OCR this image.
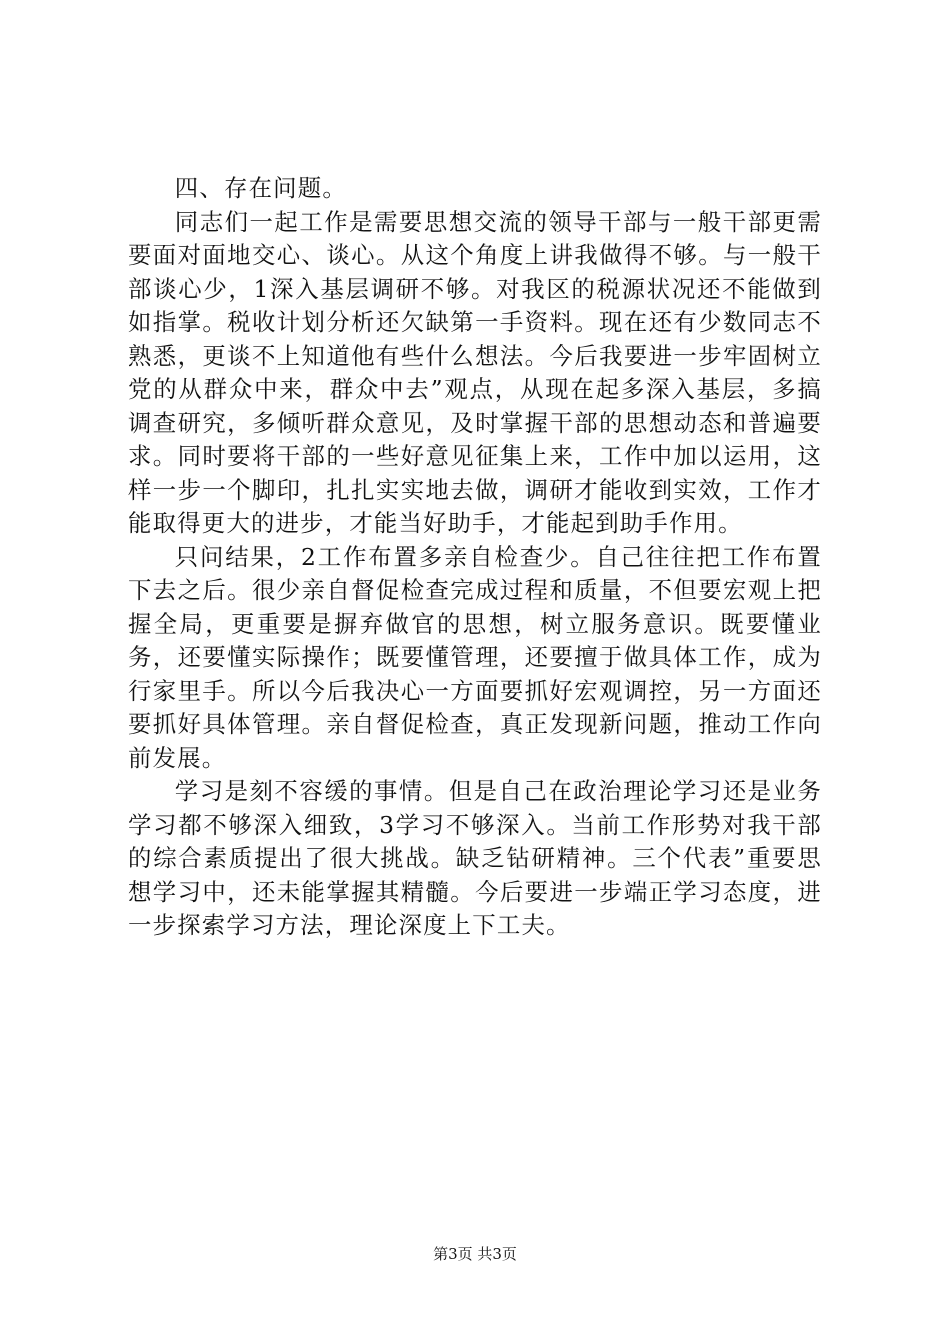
四、存在问题。

同志们一起工作是需要思想交流的领导干部与一般干部更需要面对面地交心、谈心。从这个角度上讲我做得不够。与一般干部谈心少，1深入基层调研不够。对我区的税源状况还不能做到如指掌。税收计划分析还欠缺第一手资料。现在还有少数同志不熟悉，更谈不上知道他有些什么想法。今后我要进一步牢固树立党的从群众中来，群众中去”观点，从现在起多深入基层，多搞调查研究，多倾听群众意见，及时掌握干部的思想动态和普遍要求。同时要将干部的一些好意见征集上来，工作中加以运用，这样一步一个脚印，扎扎实实地去做，调研才能收到实效，工作才能取得更大的进步，才能当好助手，才能起到助手作用。

只问结果，2工作布置多亲自检查少。自己往往把工作布置下去之后。很少亲自督促检查完成过程和质量，不但要宏观上把握全局，更重要是摒弃做官的思想，树立服务意识。既要懂业务，还要懂实际操作；既要懂管理，还要擅于做具体工作，成为行家里手。所以今后我决心一方面要抓好宏观调控，另一方面还要抓好具体管理。亲自督促检查，真正发现新问题，推动工作向前发展。

学习是刻不容缓的事情。但是自己在政治理论学习还是业务学习都不够深入细致，3学习不够深入。当前工作形势对我干部的综合素质提出了很大挑战。缺乏钻研精神。三个代表”重要思想学习中，还未能掌握其精髓。今后要进一步端正学习态度，进一步探索学习方法，理论深度上下工夫。

第3页 共3页
